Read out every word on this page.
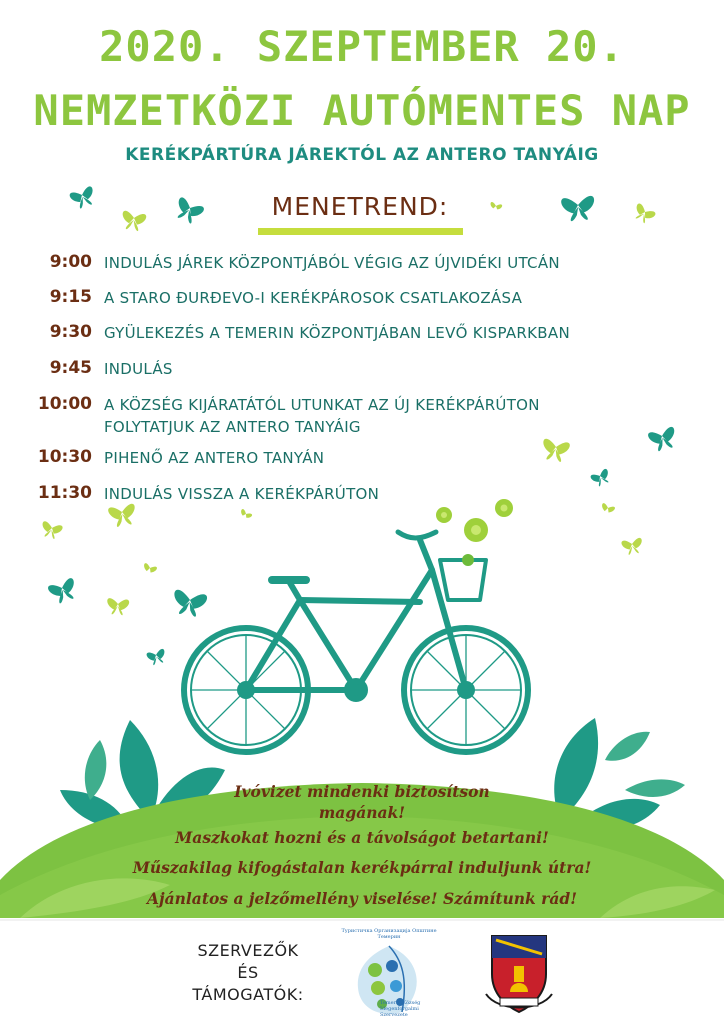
2020. SZEPTEMBER 20.
NEMZETKÖZI AUTÓMENTES NAP
KERÉKPÁRTÚRA JÁREKTÓL AZ ANTERO TANYÁIG
MENETREND:
9:00 INDULÁS JÁREK KÖZPONTJÁBÓL VÉGIG AZ ÚJVIDÉKI UTCÁN
9:15 A STARO ĐURĐEVO-I KERÉKPÁROSOK CSATLAKOZÁSA
9:30 GYÜLEKEZÉS A TEMERIN KÖZPONTJÁBAN LEVŐ KISPARKBAN
9:45 INDULÁS
10:00 A KÖZSÉG KIJÁRATÁTÓL UTUNKAT AZ ÚJ KERÉKPÁRÚTON
FOLYTATJUK AZ ANTERO TANYÁIG
10:30 PIHENŐ AZ ANTERO TANYÁN
11:30 INDULÁS VISSZA A KERÉKPÁRÚTON
Ivóvizet mindenki biztosítson
magának!
Maszkokat hozni és a távolságot betartani!
Műszakilag kifogástalan kerékpárral induljunk útra!
Ajánlatos a jelzőmellény viselése! Számítunk rád!
SZERVEZŐK
ÉS
TÁMOGATÓK:
Туристичка Организација Општине Темерин
Temerin Község Idegenforgalmi Szervezete
